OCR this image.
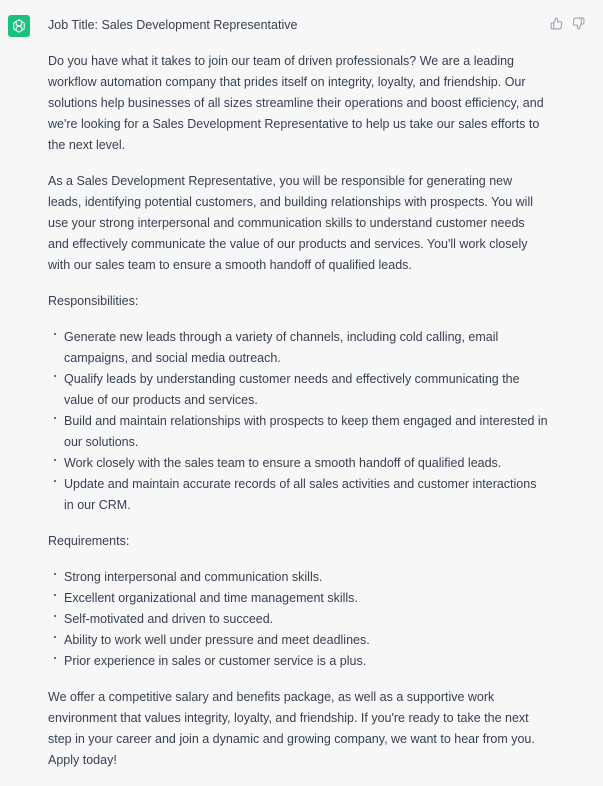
Job Title: Sales Development Representative

Do you have what it takes to join our team of driven professionals? We are a leading workflow automation company that prides itself on integrity, loyalty, and friendship. Our solutions help businesses of all sizes streamline their operations and boost efficiency, and we're looking for a Sales Development Representative to help us take our sales efforts to the next level.

As a Sales Development Representative, you will be responsible for generating new leads, identifying potential customers, and building relationships with prospects. You will use your strong interpersonal and communication skills to understand customer needs and effectively communicate the value of our products and services. You'll work closely with our sales team to ensure a smooth handoff of qualified leads.

Responsibilities:

Generate new leads through a variety of channels, including cold calling, email campaigns, and social media outreach.
Qualify leads by understanding customer needs and effectively communicating the value of our products and services.
Build and maintain relationships with prospects to keep them engaged and interested in our solutions.
Work closely with the sales team to ensure a smooth handoff of qualified leads.
Update and maintain accurate records of all sales activities and customer interactions in our CRM.

Requirements:

Strong interpersonal and communication skills.
Excellent organizational and time management skills.
Self-motivated and driven to succeed.
Ability to work well under pressure and meet deadlines.
Prior experience in sales or customer service is a plus.

We offer a competitive salary and benefits package, as well as a supportive work environment that values integrity, loyalty, and friendship. If you're ready to take the next step in your career and join a dynamic and growing company, we want to hear from you. Apply today!
